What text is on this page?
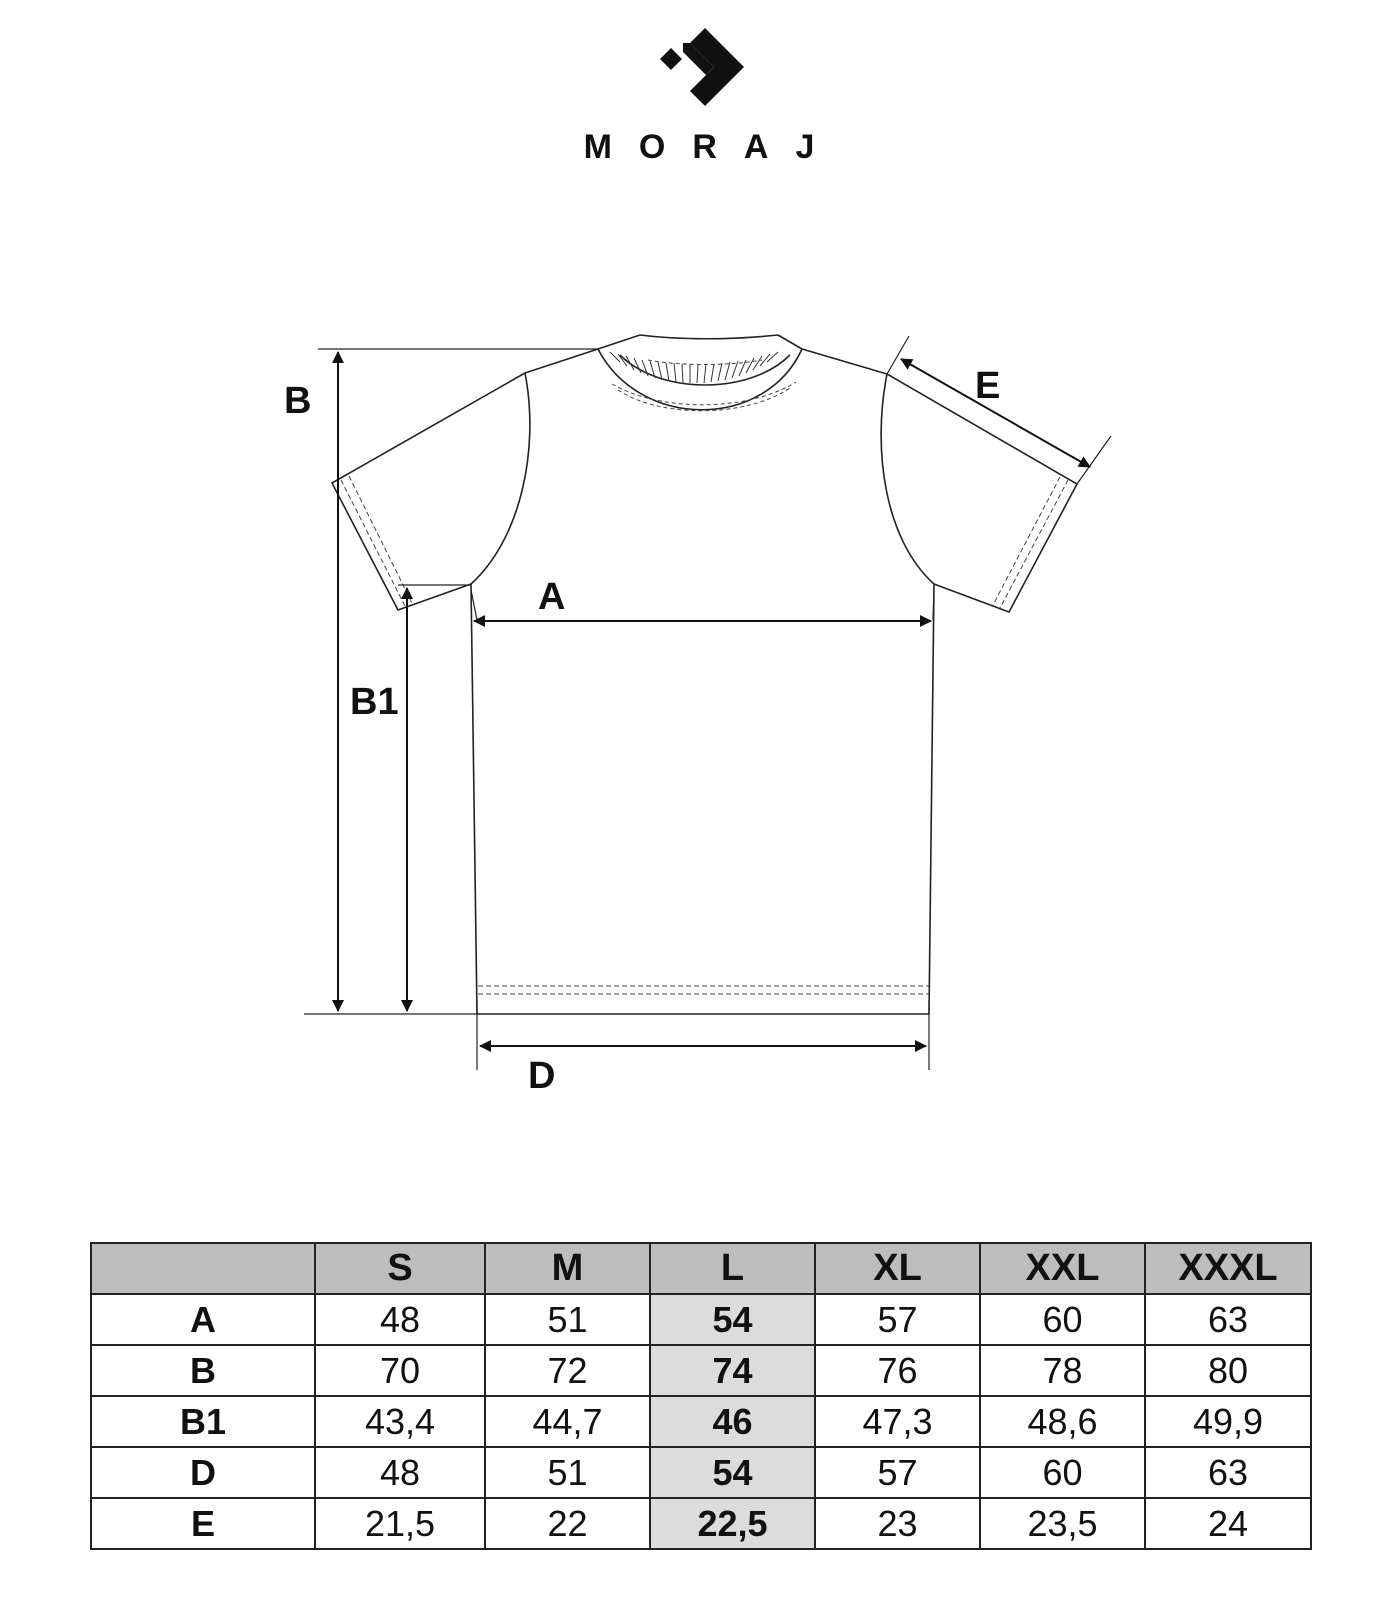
MORAJ
B
B1
A
D
E
	S	M	L	XL	XXL	XXXL
A	48	51	54	57	60	63
B	70	72	74	76	78	80
B1	43,4	44,7	46	47,3	48,6	49,9
D	48	51	54	57	60	63
E	21,5	22	22,5	23	23,5	24
